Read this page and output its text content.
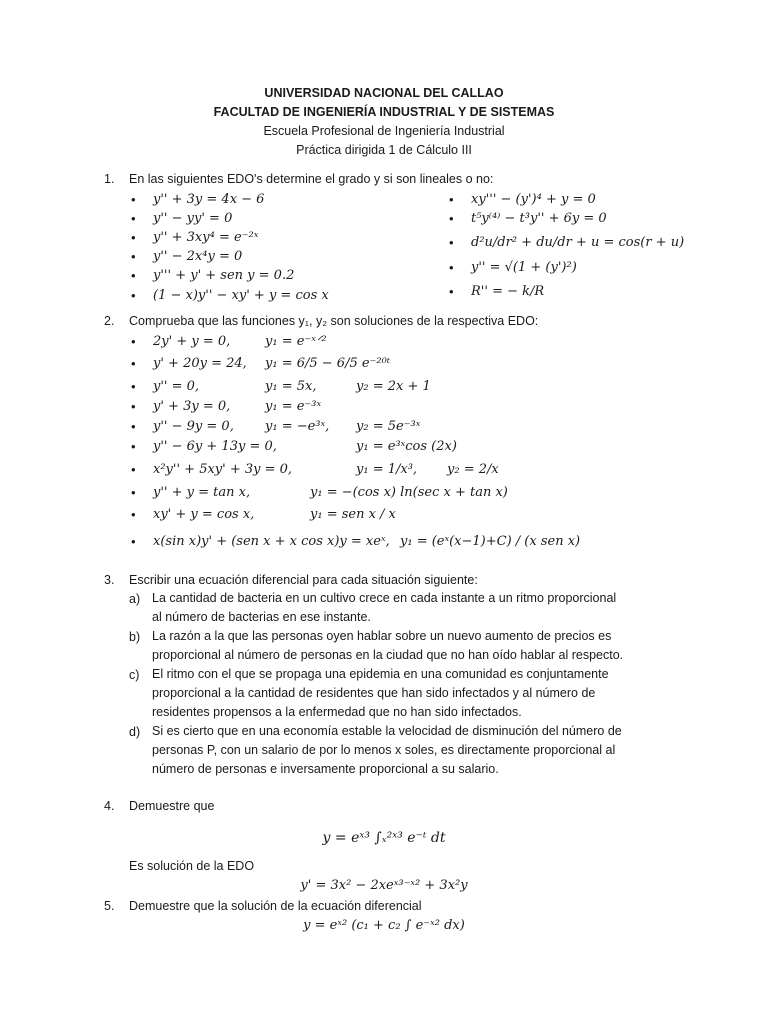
UNIVERSIDAD NACIONAL DEL CALLAO
FACULTAD DE INGENIERÍA INDUSTRIAL Y DE SISTEMAS
Escuela Profesional de Ingeniería Industrial
Práctica dirigida 1 de Cálculo III
1. En las siguientes EDO's determine el grado y si son lineales o no:
• y'' + 3y = 4x − 6
• y'' − yy' = 0
• y'' + 3xy⁴ = e⁻²ˣ
• y'' − 2x⁴y = 0
• y''' + y' + sen y = 0.2
• (1 − x)y'' − xy' + y = cos x
• xy''' − (y')⁴ + y = 0
• t⁵y⁽⁴⁾ − t³y'' + 6y = 0
• d²u/dr² + du/dr + u = cos(r + u)
• y'' = √(1 + (y')²)
• R'' = − k/R
2. Comprueba que las funciones y₁, y₂ son soluciones de la respectiva EDO:
• 2y' + y = 0,	y₁ = e⁻ˣᐟ²
• y' + 20y = 24, y₁ = 6/5 − 6/5 e⁻²⁰ᵗ
• y'' = 0,	y₁ = 5x,	y₂ = 2x + 1
• y' + 3y = 0,	y₁ = e⁻³ˣ
• y'' − 9y = 0, y₁ = −e³ˣ, y₂ = 5e⁻³ˣ
• y'' − 6y + 13y = 0,	y₁ = e³ˣcos (2x)
• x²y'' + 5xy' + 3y = 0,	y₁ = 1/x³, y₂ = 2/x
• y'' + y = tan x,	y₁ = −(cos x) ln(sec x + tan x)
• xy' + y = cos x,	y₁ = sen x / x
• x(sin x)y' + (sen x + x cos x)y = xeˣ, y₁ = (eˣ(x−1)+C) / (x sen x)
3. Escribir una ecuación diferencial para cada situación siguiente:
a) La cantidad de bacteria en un cultivo crece en cada instante a un ritmo proporcional
al número de bacterias en ese instante.
b) La razón a la que las personas oyen hablar sobre un nuevo aumento de precios es
proporcional al número de personas en la ciudad que no han oído hablar al respecto.
c) El ritmo con el que se propaga una epidemia en una comunidad es conjuntamente
proporcional a la cantidad de residentes que han sido infectados y al número de
residentes propensos a la enfermedad que no han sido infectados.
d) Si es cierto que en una economía estable la velocidad de disminución del número de
personas P, con un salario de por lo menos x soles, es directamente proporcional al
número de personas e inversamente proporcional a su salario.
4. Demuestre que
y = eˣ³ ∫ₓ²ˣ³ e⁻ᵗ dt
Es solución de la EDO
y' = 3x² − 2xeˣ³⁻ˣ² + 3x²y
5. Demuestre que la solución de la ecuación diferencial
y = eˣ² (c₁ + c₂ ∫ e⁻ˣ² dx)
